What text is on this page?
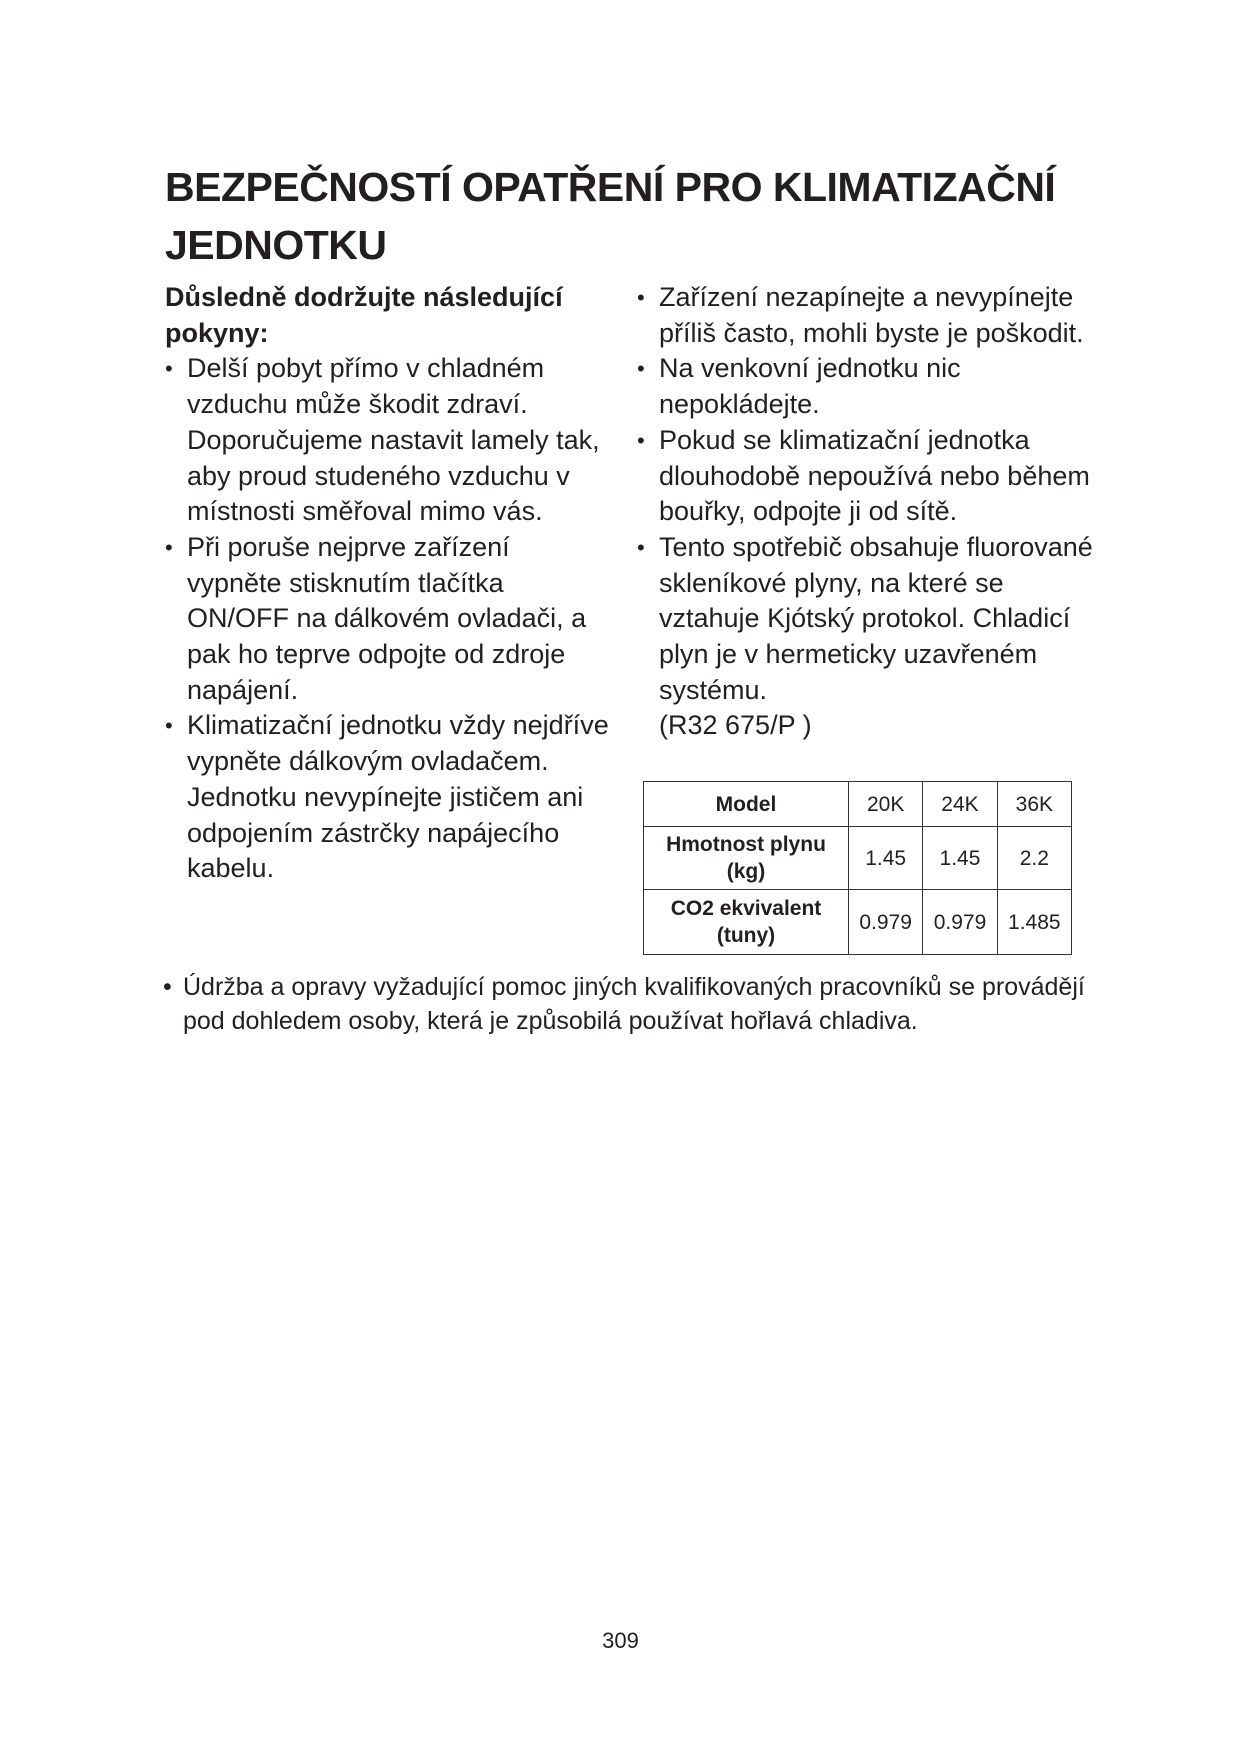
BEZPEČNOSTÍ OPATŘENÍ PRO KLIMATIZAČNÍ JEDNOTKU

Důsledně dodržujte následující pokyny:

• Delší pobyt přímo v chladném vzduchu může škodit zdraví. Doporučujeme nastavit lamely tak, aby proud studeného vzduchu v místnosti směřoval mimo vás.
• Při poruše nejprve zařízení vypněte stisknutím tlačítka ON/OFF na dálkovém ovladači, a pak ho teprve odpojte od zdroje napájení.
• Klimatizační jednotku vždy nejdříve vypněte dálkovým ovladačem. Jednotku nevypínejte jističem ani odpojením zástrčky napájecího kabelu.
• Zařízení nezapínejte a nevypínejte příliš často, mohli byste je poškodit.
• Na venkovní jednotku nic nepokládejte.
• Pokud se klimatizační jednotka dlouhodobě nepoužívá nebo během bouřky, odpojte ji od sítě.
• Tento spotřebič obsahuje fluorované skleníkové plyny, na které se vztahuje Kjótský protokol. Chladicí plyn je v hermeticky uzavřeném systému.
(R32 675/P )
Model	20K	24K	36K
Hmotnost plynu (kg)	1.45	1.45	2.2
CO2 ekvivalent (tuny)	0.979	0.979	1.485
• Údržba a opravy vyžadující pomoc jiných kvalifikovaných pracovníků se provádějí pod dohledem osoby, která je způsobilá používat hořlavá chladiva.

309
